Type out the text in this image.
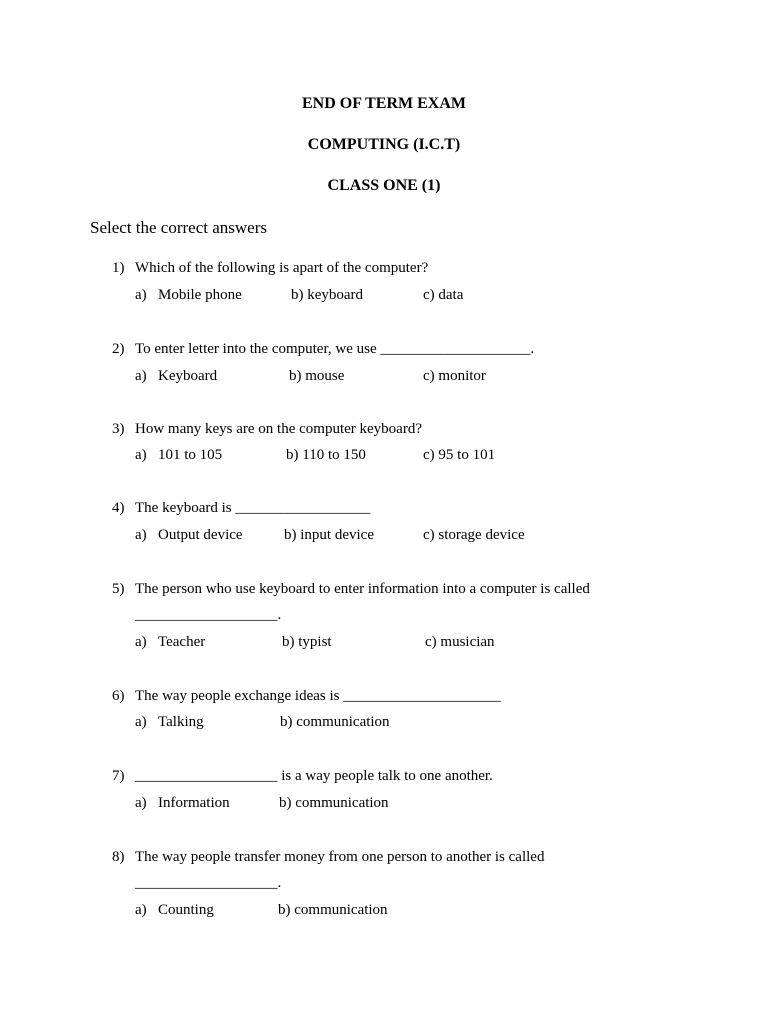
END OF TERM EXAM
COMPUTING (I.C.T)
CLASS ONE (1)
Select the correct answers
1) Which of the following is apart of the computer?
a) Mobile phone	b) keyboard	c) data
2) To enter letter into the computer, we use ____________________.
a) Keyboard	b) mouse	c) monitor
3) How many keys are on the computer keyboard?
a) 101 to 105	b) 110 to 150	c) 95 to 101
4) The keyboard is __________________
a) Output device	b) input device	c) storage device
5) The person who use keyboard to enter information into a computer is called
___________________.
a) Teacher	b) typist	c) musician
6) The way people exchange ideas is _____________________
a) Talking	b) communication
7) ___________________ is a way people talk to one another.
a) Information	b) communication
8) The way people transfer money from one person to another is called
___________________.
a) Counting	b) communication
